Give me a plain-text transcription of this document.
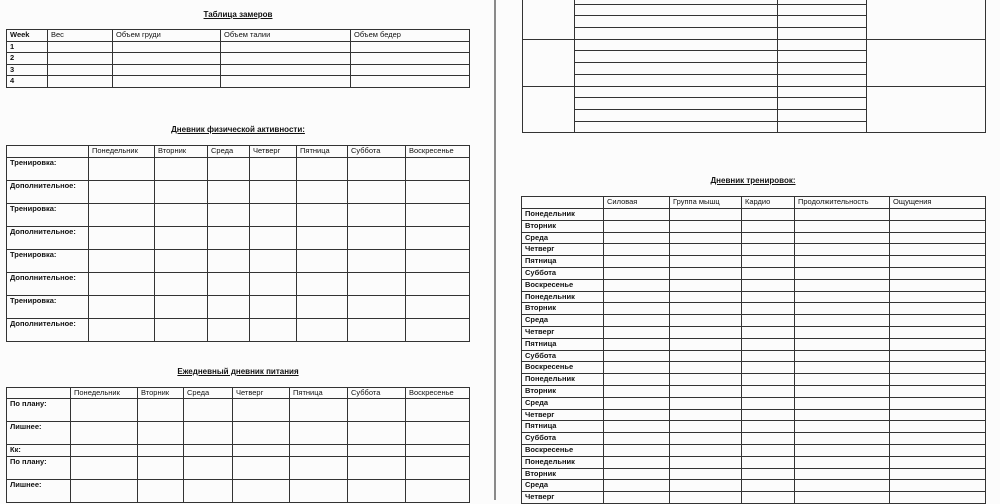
Таблица замеров
Week	Вес	Объем груди	Объем талии	Объем бедер
1				
2				
3				
4				
Дневник физической активности:
	Понедельник	Вторник	Среда	Четверг	Пятница	Суббота	Воскресенье
Тренировка:							
Дополнительное:							
Тренировка:							
Дополнительное:							
Тренировка:							
Дополнительное:							
Тренировка:							
Дополнительное:							
Ежедневный дневник питания
	Понедельник	Вторник	Среда	Четверг	Пятница	Суббота	Воскресенье
По плану:							
Лишнее:							
Кк:							
По плану:							
Лишнее:							

Дневник тренировок:
	Силовая	Группа мышц	Кардио	Продолжительность	Ощущения
Понедельник					
Вторник					
Среда					
Четверг					
Пятница					
Суббота					
Воскресенье					
Понедельник					
Вторник					
Среда					
Четверг					
Пятница					
Суббота					
Воскресенье					
Понедельник					
Вторник					
Среда					
Четверг					
Пятница					
Суббота					
Воскресенье					
Понедельник					
Вторник					
Среда					
Четверг					
